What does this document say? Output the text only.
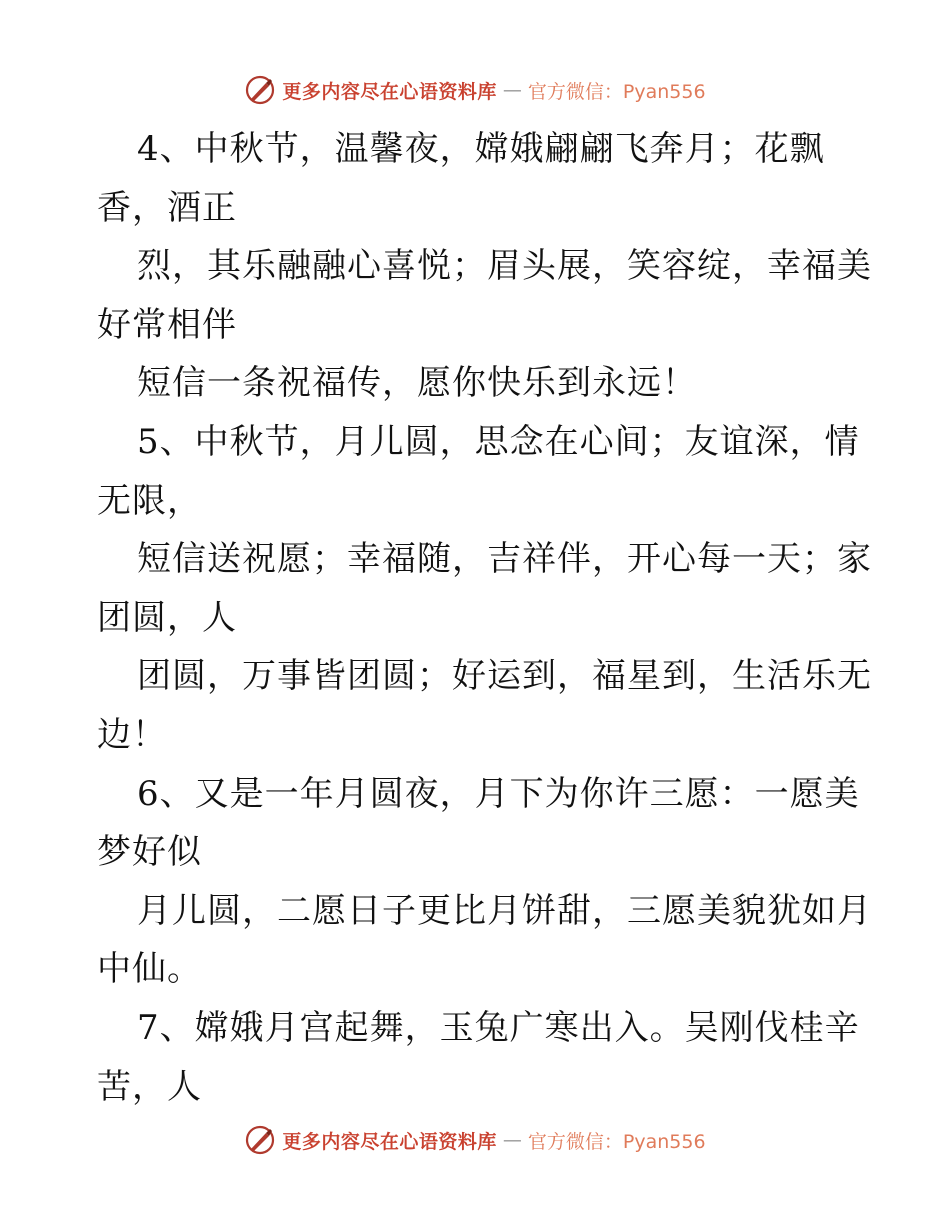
更多内容尽在心语资料库 — 官方微信：Pyan556
4、中秋节，温馨夜，嫦娥翩翩飞奔月；花飘
香，酒正
烈，其乐融融心喜悦；眉头展，笑容绽，幸福美
好常相伴
短信一条祝福传，愿你快乐到永远！
5、中秋节，月儿圆，思念在心间；友谊深，情
无限，
短信送祝愿；幸福随，吉祥伴，开心每一天；家
团圆，人
团圆，万事皆团圆；好运到，福星到，生活乐无
边！
6、又是一年月圆夜，月下为你许三愿：一愿美
梦好似
月儿圆，二愿日子更比月饼甜，三愿美貌犹如月
中仙。
7、嫦娥月宫起舞，玉兔广寒出入。吴刚伐桂辛
苦，人
更多内容尽在心语资料库 — 官方微信：Pyan556
